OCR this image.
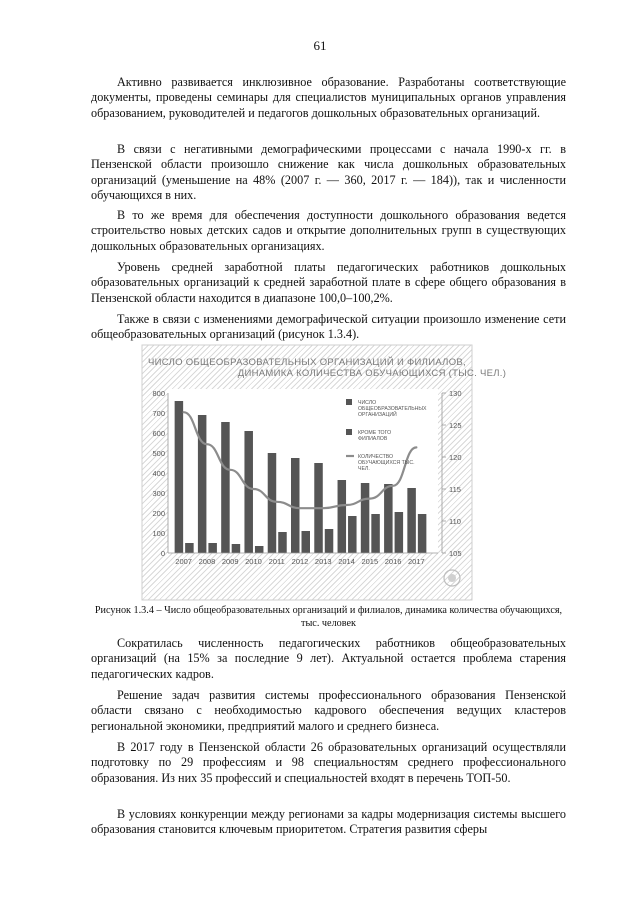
61

Активно развивается инклюзивное образование. Разработаны соответствующие документы, проведены семинары для специалистов муниципальных органов управления образованием, руководителей и педагогов дошкольных образовательных организаций.

В связи с негативными демографическими процессами с начала 1990-х гг. в Пензенской области произошло снижение как числа дошкольных образовательных организаций (уменьшение на 48% (2007 г. — 360, 2017 г. — 184)), так и численности обучающихся в них.

В то же время для обеспечения доступности дошкольного образования ведется строительство новых детских садов и открытие дополнительных групп в существующих дошкольных образовательных организациях.

Уровень средней заработной платы педагогических работников дошкольных образовательных организаций к средней заработной плате в сфере общего образования в Пензенской области находится в диапазоне 100,0–100,2%.

Также в связи с изменениями демографической ситуации произошло изменение сети общеобразовательных организаций (рисунок 1.3.4).

ЧИСЛО ОБЩЕОБРАЗОВАТЕЛЬНЫХ ОРГАНИЗАЦИЙ И ФИЛИАЛОВ,
ДИНАМИКА КОЛИЧЕСТВА ОБУЧАЮЩИХСЯ (ТЫС. ЧЕЛ.)
0
100
200
300
400
500
600
700
800
105
110
115
120
125
130
2007 2008 2009 2010 2011 2012 2013 2014 2015 2016 2017
ЧИСЛО ОБЩЕОБРАЗОВАТЕЛЬНЫХ ОРГАНИЗАЦИЙ
КРОМЕ ТОГО ФИЛИАЛОВ
КОЛИЧЕСТВО ОБУЧАЮЩИХСЯ ТЫС. ЧЕЛ.

Рисунок 1.3.4 – Число общеобразовательных организаций и филиалов, динамика количества обучающихся, тыс. человек

Сократилась численность педагогических работников общеобразовательных организаций (на 15% за последние 9 лет). Актуальной остается проблема старения педагогических кадров.

Решение задач развития системы профессионального образования Пензенской области связано с необходимостью кадрового обеспечения ведущих кластеров региональной экономики, предприятий малого и среднего бизнеса.

В 2017 году в Пензенской области 26 образовательных организаций осуществляли подготовку по 29 профессиям и 98 специальностям среднего профессионального образования. Из них 35 профессий и специальностей входят в перечень ТОП-50.

В условиях конкуренции между регионами за кадры модернизация системы высшего образования становится ключевым приоритетом. Стратегия развития сферы
